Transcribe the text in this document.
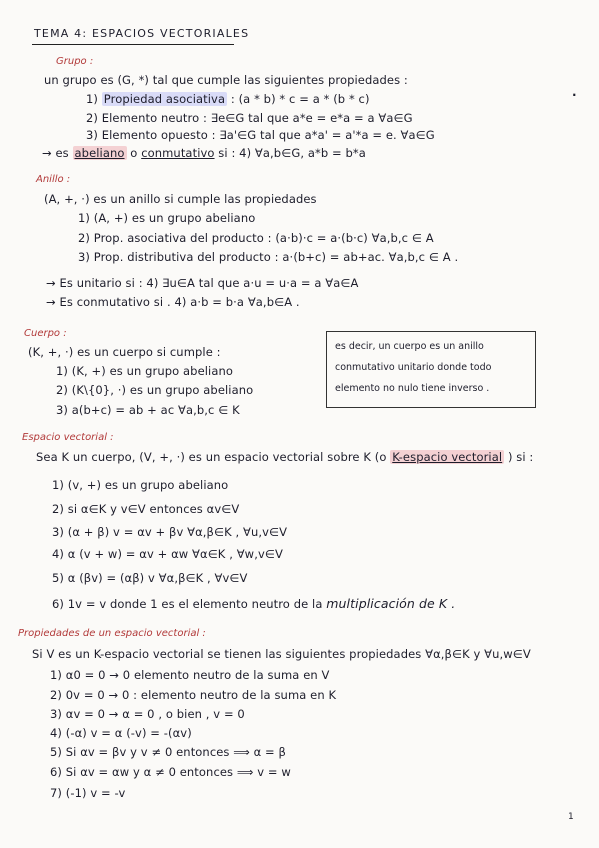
TEMA 4: ESPACIOS VECTORIALES
Grupo :
un grupo es (G, *) tal que cumple las siguientes propiedades :
1) Propiedad asociativa : (a * b) * c = a * (b * c)
2) Elemento neutro : ∃e∈G tal que a*e = e*a = a ∀a∈G
3) Elemento opuesto : ∃a'∈G tal que a*a' = a'*a = e. ∀a∈G
→ es abeliano o conmutativo si : 4) ∀a,b∈G, a*b = b*a
Anillo :
(A, +, ·) es un anillo si cumple las propiedades
1) (A, +) es un grupo abeliano
2) Prop. asociativa del producto : (a·b)·c = a·(b·c) ∀a,b,c ∈ A
3) Prop. distributiva del producto : a·(b+c) = ab+ac. ∀a,b,c ∈ A .
→ Es unitario si : 4) ∃u∈A tal que a·u = u·a = a ∀a∈A
→ Es conmutativo si . 4) a·b = b·a ∀a,b∈A .
Cuerpo :
(K, +, ·) es un cuerpo si cumple :
1) (K, +) es un grupo abeliano
2) (K\{0}, ·) es un grupo abeliano
3) a(b+c) = ab + ac ∀a,b,c ∈ K
es decir, un cuerpo es un anillo
conmutativo unitario donde todo
elemento no nulo tiene inverso .
Espacio vectorial :
Sea K un cuerpo, (V, +, ·) es un espacio vectorial sobre K (o K-espacio vectorial ) si :
1) (v, +) es un grupo abeliano
2) si α∈K y v∈V entonces αv∈V
3) (α + β) v = αv + βv ∀α,β∈K , ∀u,v∈V
4) α (v + w) = αv + αw ∀α∈K , ∀w,v∈V
5) α (βv) = (αβ) v ∀α,β∈K , ∀v∈V
6) 1v = v donde 1 es el elemento neutro de la multiplicación de K .
Propiedades de un espacio vectorial :
Si V es un K-espacio vectorial se tienen las siguientes propiedades ∀α,β∈K y ∀u,w∈V
1) α0 = 0 → 0 elemento neutro de la suma en V
2) 0v = 0 → 0 : elemento neutro de la suma en K
3) αv = 0 → α = 0 , o bien , v = 0
4) (-α) v = α (-v) = -(αv)
5) Si αv = βv y v ≠ 0 entonces ⟹ α = β
6) Si αv = αw y α ≠ 0 entonces ⟹ v = w
7) (-1) v = -v
·
1
